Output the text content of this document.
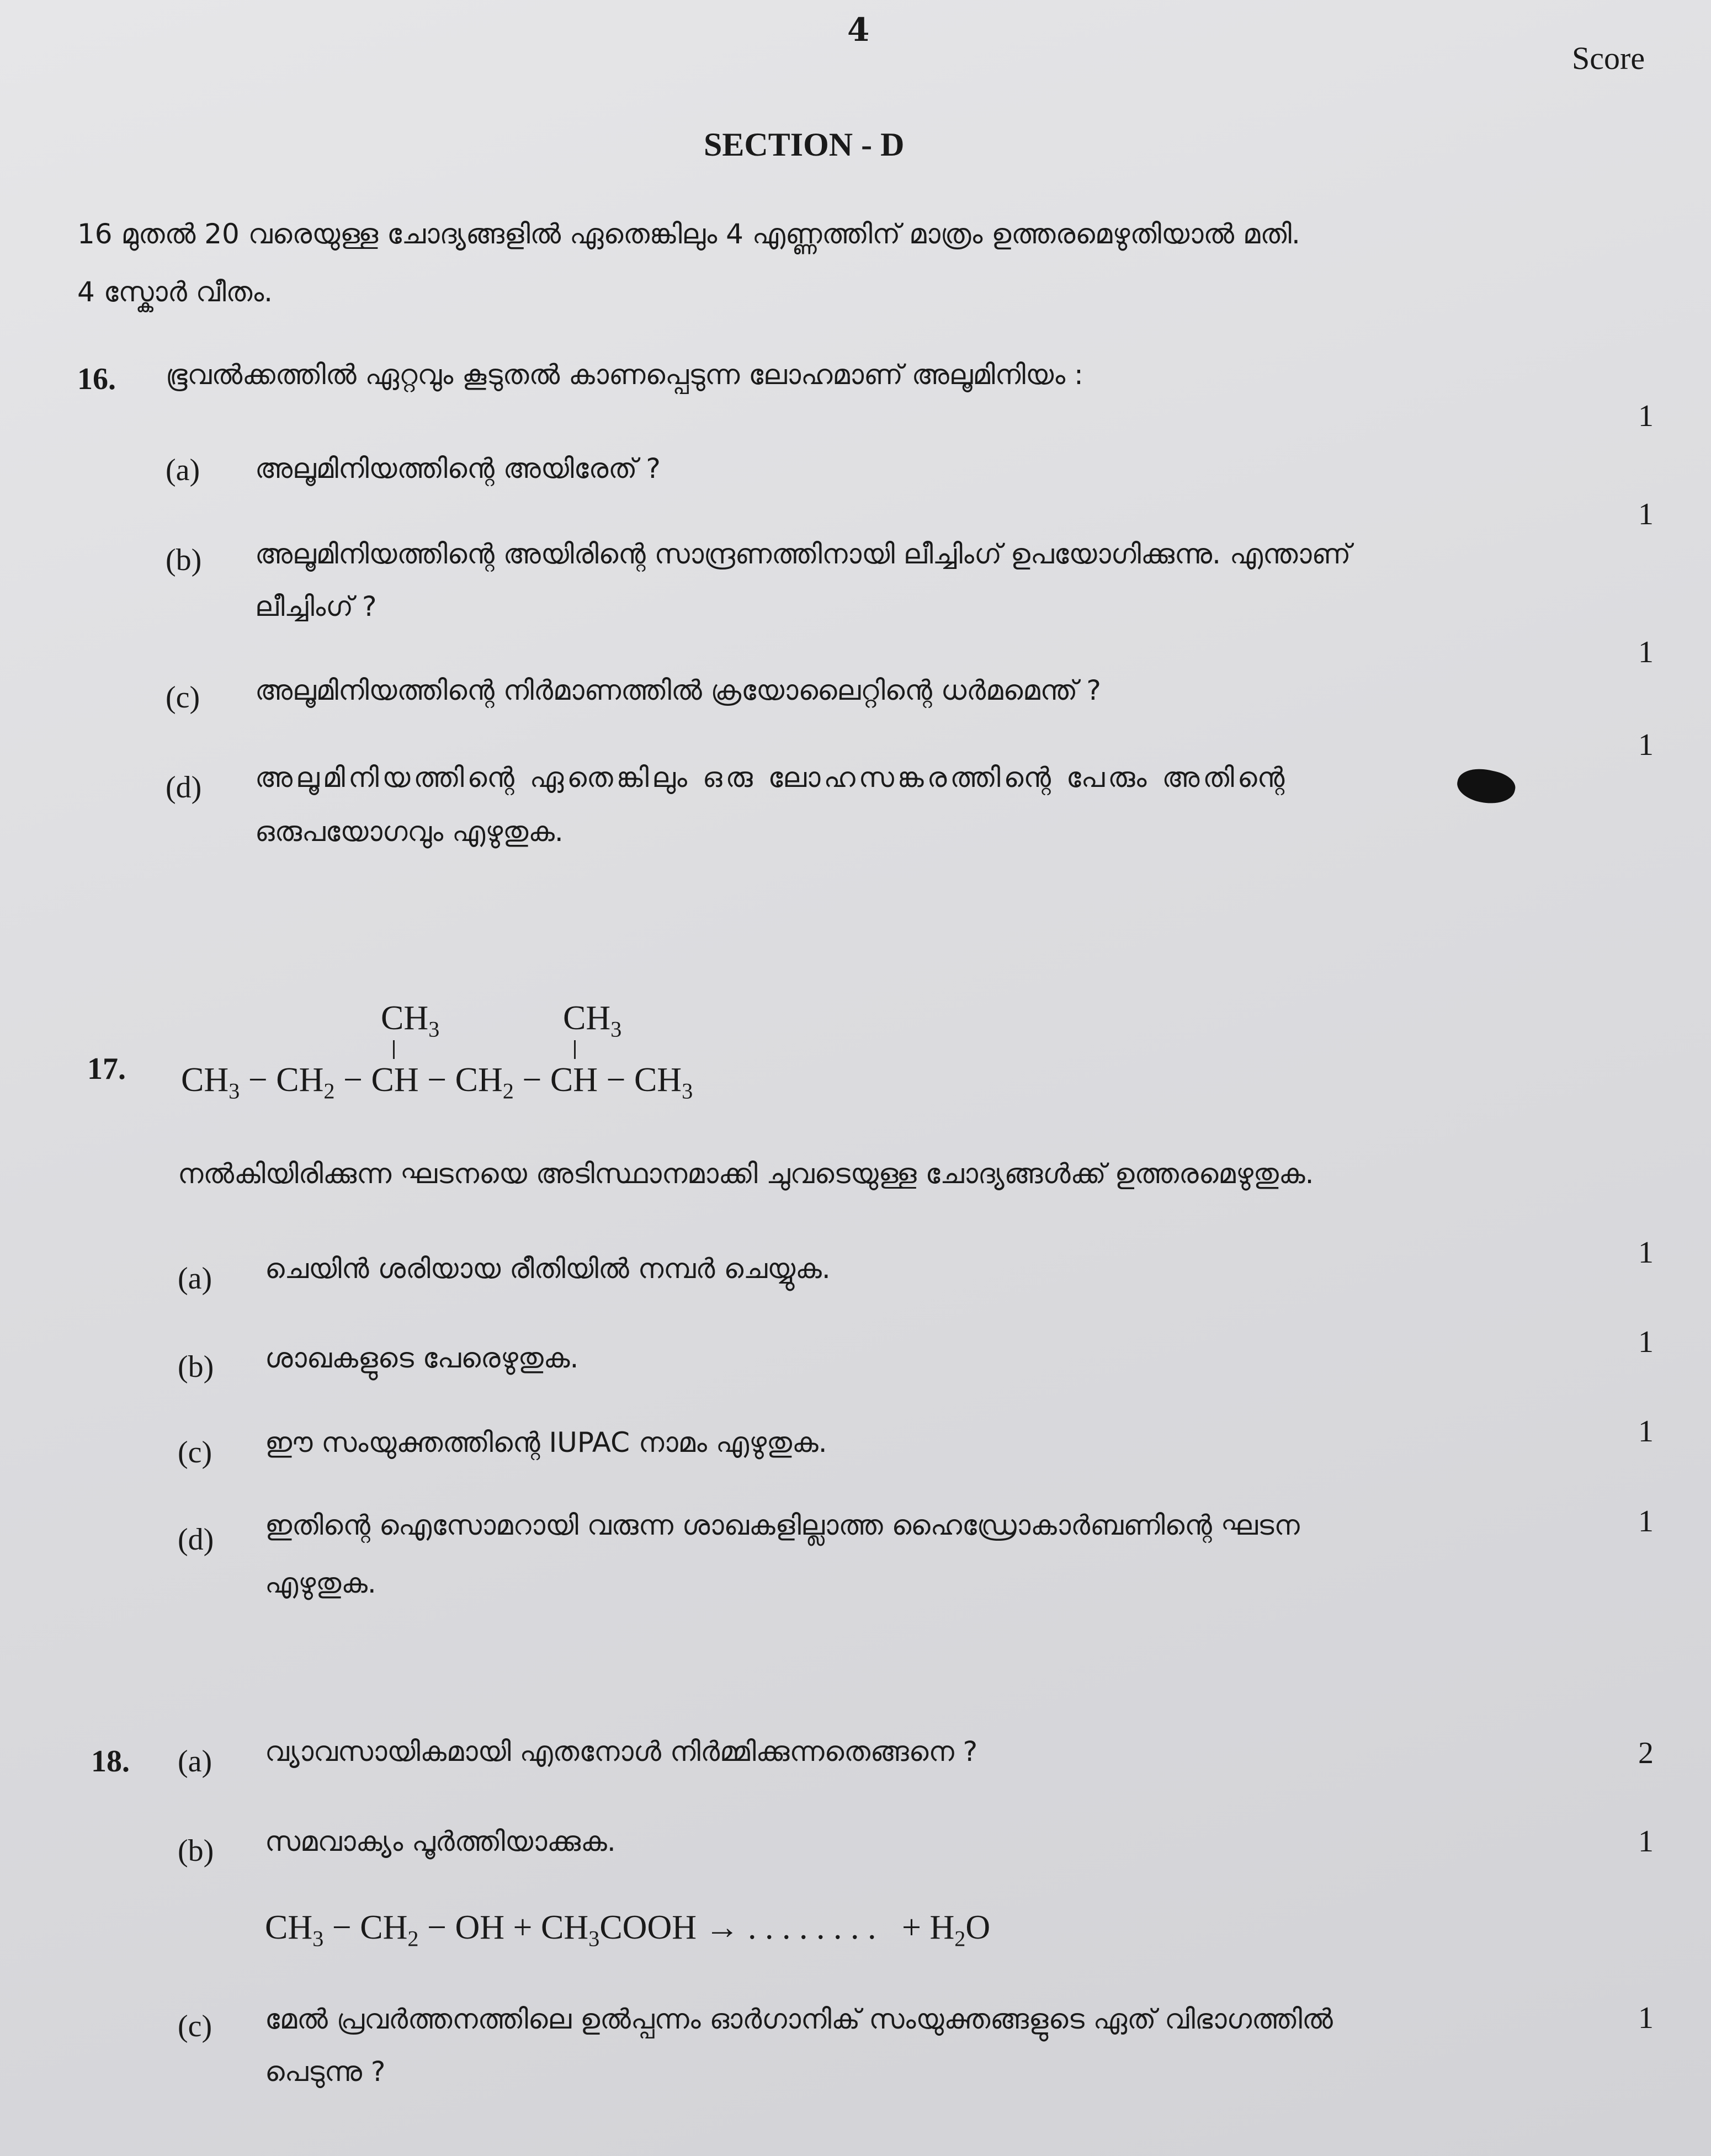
4
Score
SECTION - D
16 മുതൽ 20 വരെയുള്ള ചോദ്യങ്ങളിൽ ഏതെങ്കിലും 4 എണ്ണത്തിന് മാത്രം ഉത്തരമെഴുതിയാൽ മതി.
4 സ്കോർ വീതം.
16. ഭൂവൽക്കത്തിൽ ഏറ്റവും കൂടുതൽ കാണപ്പെടുന്ന ലോഹമാണ് അലൂമിനിയം :
1
(a) അലൂമിനിയത്തിന്റെ അയിരേത് ?
(b) അലൂമിനിയത്തിന്റെ അയിരിന്റെ സാന്ദ്രണത്തിനായി ലീച്ചിംഗ് ഉപയോഗിക്കുന്നു. എന്താണ്
ലീച്ചിംഗ് ?
1
1
(c) അലൂമിനിയത്തിന്റെ നിർമാണത്തിൽ ക്രയോലൈറ്റിന്റെ ധർമമെന്ത് ?
(d) അലൂമിനിയത്തിന്റെ ഏതെങ്കിലും ഒരു ലോഹസങ്കരത്തിന്റെ പേരും അതിന്റെ
ഒരുപയോഗവും എഴുതുക.
1
17.
$CH_3$	$CH_3$
$CH_3 - CH_2$ − CH − $CH_2$ − CH − $CH_3$
നൽകിയിരിക്കുന്ന ഘടനയെ അടിസ്ഥാനമാക്കി ചുവടെയുള്ള ചോദ്യങ്ങൾക്ക് ഉത്തരമെഴുതുക.
1
(a) ചെയിൻ ശരിയായ രീതിയിൽ നമ്പർ ചെയ്യുക.
1
(b) ശാഖകളുടെ പേരെഴുതുക.
1
(c) ഈ സംയുക്തത്തിന്റെ IUPAC നാമം എഴുതുക.
1
(d) ഇതിന്റെ ഐസോമറായി വരുന്ന ശാഖകളില്ലാത്ത ഹൈഡ്രോകാർബണിന്റെ ഘടന
എഴുതുക.
18. (a) വ്യാവസായികമായി എതനോൾ നിർമ്മിക്കുന്നതെങ്ങനെ ?	2
(b) സമവാക്യം പൂർത്തിയാക്കുക.	1
$CH_3 - CH_2$ − OH + $CH_3COOH$ → . . . . . . . .   + $H_2O$
(c) മേൽ പ്രവർത്തനത്തിലെ ഉൽപ്പന്നം ഓർഗാനിക് സംയുക്തങ്ങളുടെ ഏത് വിഭാഗത്തിൽ
പെടുന്നു ?
1
